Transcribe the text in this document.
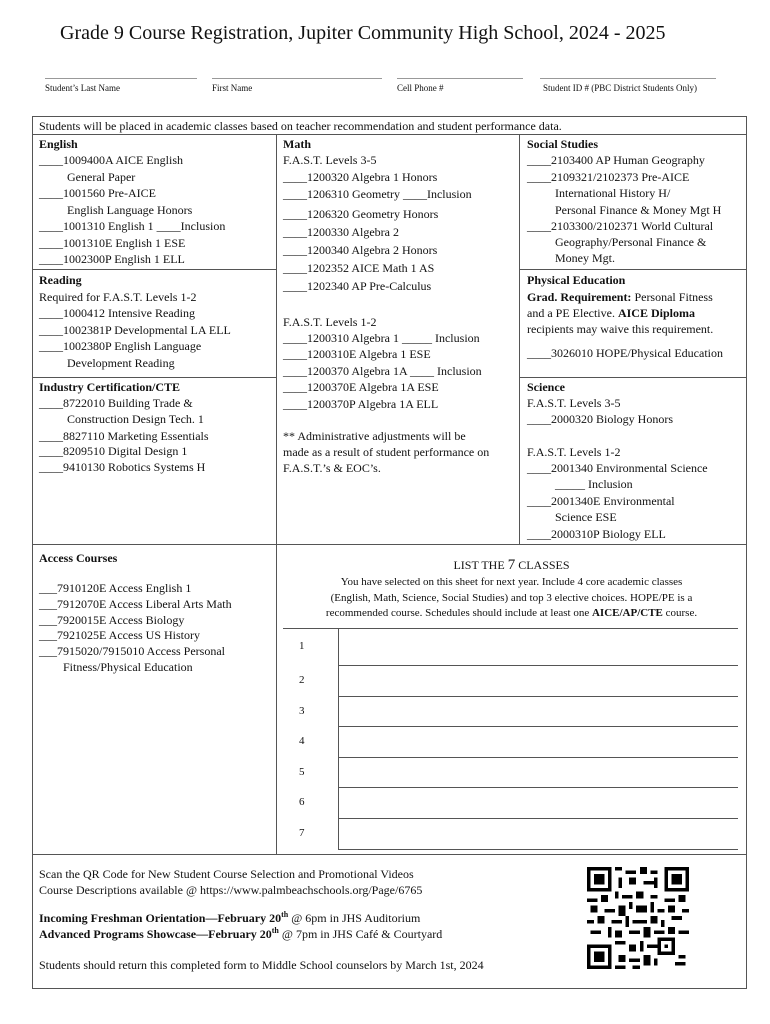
Grade 9 Course Registration, Jupiter Community High School, 2024 - 2025
Student’s Last Name	First Name	Cell Phone #	Student ID # (PBC District Students Only)
Students will be placed in academic classes based on teacher recommendation and student performance data.
English
____1009400A AICE English
General Paper
____1001560 Pre-AICE
English Language Honors
____1001310 English 1 ____Inclusion
____1001310E English 1 ESE
____1002300P English 1 ELL
Reading
Required for F.A.S.T. Levels 1-2
____1000412 Intensive Reading
____1002381P Developmental LA ELL
____1002380P English Language
Development Reading
Industry Certification/CTE
____8722010 Building Trade &
Construction Design Tech. 1
____8827110 Marketing Essentials
____8209510 Digital Design 1
____9410130 Robotics Systems H
Math
F.A.S.T. Levels 3-5
____1200320 Algebra 1 Honors
____1206310 Geometry ____Inclusion
____1206320 Geometry Honors
____1200330 Algebra 2
____1200340 Algebra 2 Honors
____1202352 AICE Math 1 AS
____1202340 AP Pre-Calculus
F.A.S.T. Levels 1-2
____1200310 Algebra 1 _____ Inclusion
____1200310E Algebra 1 ESE
____1200370 Algebra 1A ____ Inclusion
____1200370E Algebra 1A ESE
____1200370P Algebra 1A ELL
** Administrative adjustments will be
made as a result of student performance on
F.A.S.T.’s & EOC’s.
Social Studies
____2103400 AP Human Geography
____2109321/2102373 Pre-AICE
International History H/
Personal Finance & Money Mgt H
____2103300/2102371 World Cultural
Geography/Personal Finance &
Money Mgt.
Physical Education
Grad. Requirement: Personal Fitness
and a PE Elective. AICE Diploma
recipients may waive this requirement.
____3026010 HOPE/Physical Education
Science
F.A.S.T. Levels 3-5
____2000320 Biology Honors
F.A.S.T. Levels 1-2
____2001340 Environmental Science
_____ Inclusion
____2001340E Environmental
Science ESE
____2000310P Biology ELL
Access Courses
___7910120E Access English 1
___7912070E Access Liberal Arts Math
___7920015E Access Biology
___7921025E Access US History
___7915020/7915010 Access Personal
Fitness/Physical Education
LIST THE 7 CLASSES
You have selected on this sheet for next year. Include 4 core academic classes
(English, Math, Science, Social Studies) and top 3 elective choices. HOPE/PE is a
recommended course. Schedules should include at least one AICE/AP/CTE course.
1
2
3
4
5
6
7
Scan the QR Code for New Student Course Selection and Promotional Videos
Course Descriptions available @ https://www.palmbeachschools.org/Page/6765
Incoming Freshman Orientation—February 20th @ 6pm in JHS Auditorium
Advanced Programs Showcase—February 20th @ 7pm in JHS Café & Courtyard
Students should return this completed form to Middle School counselors by March 1st, 2024
